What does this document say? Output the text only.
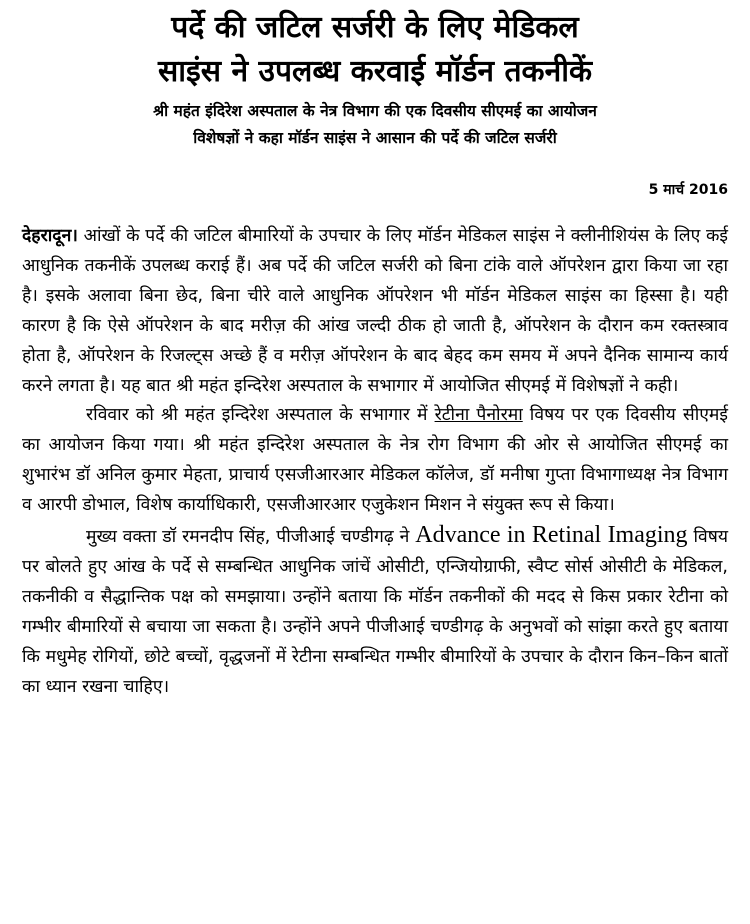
पर्दे की जटिल सर्जरी के लिए मेडिकल
साइंस ने उपलब्ध करवाई मॉर्डन तकनीकें
श्री महंत इंदिरेश अस्पताल के नेत्र विभाग की एक दिवसीय सीएमई का आयोजन
विशेषज्ञों ने कहा मॉर्डन साइंस ने आसान की पर्दे की जटिल सर्जरी
5 मार्च 2016

देहरादून। आंखों के पर्दे की जटिल बीमारियों के उपचार के लिए मॉर्डन मेडिकल साइंस ने क्लीनीशियंस के लिए कई आधुनिक तकनीकें उपलब्ध कराई हैं। अब पर्दे की जटिल सर्जरी को बिना टांके वाले ऑपरेशन द्वारा किया जा रहा है। इसके अलावा बिना छेद, बिना चीरे वाले आधुनिक ऑपरेशन भी मॉर्डन मेडिकल साइंस का हिस्सा है। यही कारण है कि ऐसे ऑपरेशन के बाद मरीज़ की आंख जल्दी ठीक हो जाती है, ऑपरेशन के दौरान कम रक्तस्त्राव होता है, ऑपरेशन के रिजल्ट्स अच्छे हैं व मरीज़ ऑपरेशन के बाद बेहद कम समय में अपने दैनिक सामान्य कार्य करने लगता है। यह बात श्री महंत इन्दिरेश अस्पताल के सभागार में आयोजित सीएमई में विशेषज्ञों ने कही।

रविवार को श्री महंत इन्दिरेश अस्पताल के सभागार में रेटीना पैनोरमा विषय पर एक दिवसीय सीएमई का आयोजन किया गया। श्री महंत इन्दिरेश अस्पताल के नेत्र रोग विभाग की ओर से आयोजित सीएमई का शुभारंभ डॉ अनिल कुमार मेहता, प्राचार्य एसजीआरआर मेडिकल कॉलेज, डॉ मनीषा गुप्ता विभागाध्यक्ष नेत्र विभाग व आरपी डोभाल, विशेष कार्याधिकारी, एसजीआरआर एजुकेशन मिशन ने संयुक्त रूप से किया।

मुख्य वक्ता डॉ रमनदीप सिंह, पीजीआई चण्डीगढ़ ने Advance in Retinal Imaging विषय पर बोलते हुए आंख के पर्दे से सम्बन्धित आधुनिक जांचें ओसीटी, एन्जियोग्राफी, स्वैप्ट सोर्स ओसीटी के मेडिकल, तकनीकी व सैद्धान्तिक पक्ष को समझाया। उन्होंने बताया कि मॉर्डन तकनीकों की मदद से किस प्रकार रेटीना को गम्भीर बीमारियों से बचाया जा सकता है। उन्होंने अपने पीजीआई चण्डीगढ़ के अनुभवों को सांझा करते हुए बताया कि मधुमेह रोगियों, छोटे बच्चों, वृद्धजनों में रेटीना सम्बन्धित गम्भीर बीमारियों के उपचार के दौरान किन–किन बातों का ध्यान रखना चाहिए।
